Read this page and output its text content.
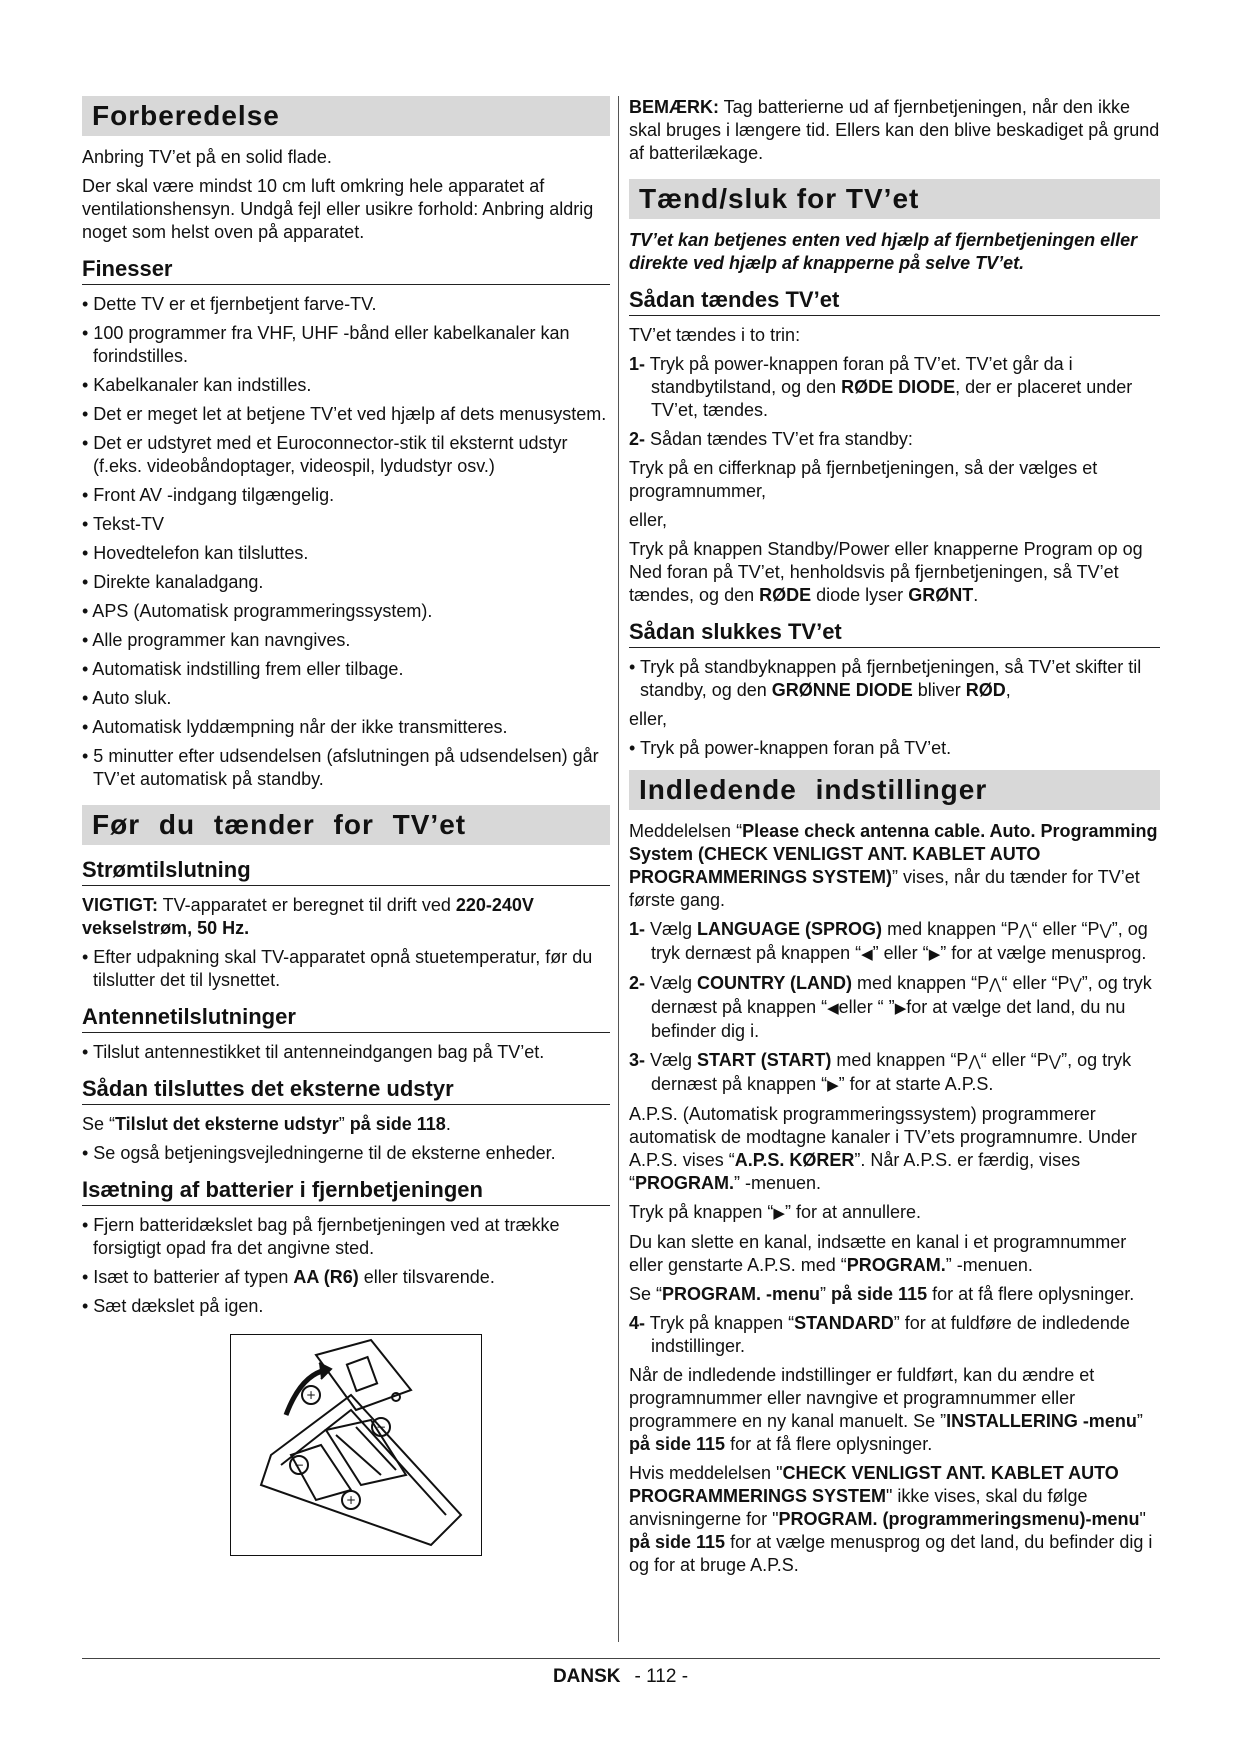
Forberedelse

Anbring TV’et på en solid flade.

Der skal være mindst 10 cm luft omkring hele apparatet af ventilationshensyn. Undgå fejl eller usikre forhold: Anbring aldrig noget som helst oven på apparatet.

Finesser

• Dette TV er et fjernbetjent farve-TV.

• 100 programmer fra VHF, UHF -bånd eller kabelkanaler kan forindstilles.

• Kabelkanaler kan indstilles.

• Det er meget let at betjene TV’et ved hjælp af dets menusystem.

• Det er udstyret med et Euroconnector-stik til eksternt udstyr (f.eks. videobåndoptager, videospil, lydudstyr osv.)

• Front AV -indgang tilgængelig.

• Tekst-TV

• Hovedtelefon kan tilsluttes.

• Direkte kanaladgang.

• APS (Automatisk programmeringssystem).

• Alle programmer kan navngives.

• Automatisk indstilling frem eller tilbage.

• Auto sluk.

• Automatisk lyddæmpning når der ikke transmitteres.

• 5 minutter efter udsendelsen (afslutningen på udsendelsen) går TV’et automatisk på standby.

Før du tænder for TV’et
Strømtilslutning

VIGTIGT: TV-apparatet er beregnet til drift ved 220-240V vekselstrøm, 50 Hz.

• Efter udpakning skal TV-apparatet opnå stuetemperatur, før du tilslutter det til lysnettet.

Antennetilslutninger

• Tilslut antennestikket til antenneindgangen bag på TV’et.

Sådan tilsluttes det eksterne udstyr

Se “Tilslut det eksterne udstyr” på side 118.

• Se også betjeningsvejledningerne til de eksterne enheder.

Isætning af batterier i fjernbetjeningen

• Fjern batteridækslet bag på fjernbetjeningen ved at trække forsigtigt opad fra det angivne sted.

• Isæt to batterier af typen AA (R6) eller tilsvarende.

• Sæt dækslet på igen.

+
−
−
+

BEMÆRK: Tag batterierne ud af fjernbetjeningen, når den ikke skal bruges i længere tid. Ellers kan den blive beskadiget på grund af batterilækage.

Tænd/sluk for TV’et

TV’et kan betjenes enten ved hjælp af fjernbetjeningen eller direkte ved hjælp af knapperne på selve TV’et.

Sådan tændes TV’et

TV’et tændes i to trin:

1- Tryk på power-knappen foran på TV’et. TV’et går da i standbytilstand, og den RØDE DIODE, der er placeret under TV’et, tændes.

2- Sådan tændes TV’et fra standby:

Tryk på en cifferknap på fjernbetjeningen, så der vælges et programnummer,

eller,

Tryk på knappen Standby/Power eller knapperne Program op og Ned foran på TV’et, henholdsvis på fjernbetjeningen, så TV’et tændes, og den RØDE diode lyser GRØNT.

Sådan slukkes TV’et

• Tryk på standbyknappen på fjernbetjeningen, så TV’et skifter til standby, og den GRØNNE DIODE bliver RØD,

eller,

• Tryk på power-knappen foran på TV’et.

Indledende indstillinger

Meddelelsen “Please check antenna cable. Auto. Programming System (CHECK VENLIGST ANT. KABLET AUTO PROGRAMMERINGS SYSTEM)” vises, når du tænder for TV’et første gang.

1- Vælg LANGUAGE (SPROG) med knappen “P⋀“ eller “P⋁”, og tryk dernæst på knappen “◀” eller “▶” for at vælge menusprog.

2- Vælg COUNTRY (LAND) med knappen “P⋀“ eller “P⋁”, og tryk dernæst på knappen “◀eller “ ”▶for at vælge det land, du nu befinder dig i.

3- Vælg START (START) med knappen “P⋀“ eller “P⋁”, og tryk dernæst på knappen “▶” for at starte A.P.S.

A.P.S. (Automatisk programmeringssystem) programmerer automatisk de modtagne kanaler i TV’ets programnumre. Under A.P.S. vises “A.P.S. KØRER”. Når A.P.S. er færdig, vises “PROGRAM.” -menuen.

Tryk på knappen “▶” for at annullere.

Du kan slette en kanal, indsætte en kanal i et programnummer eller genstarte A.P.S. med “PROGRAM.” -menuen.

Se “PROGRAM. -menu” på side 115 for at få flere oplysninger.

4- Tryk på knappen “STANDARD” for at fuldføre de indledende indstillinger.

Når de indledende indstillinger er fuldført, kan du ændre et programnummer eller navngive et programnummer eller programmere en ny kanal manuelt. Se ”INSTALLERING -menu” på side 115 for at få flere oplysninger.

Hvis meddelelsen "CHECK VENLIGST ANT. KABLET AUTO PROGRAMMERINGS SYSTEM" ikke vises, skal du følge anvisningerne for "PROGRAM. (programmeringsmenu)-menu" på side 115 for at vælge menusprog og det land, du befinder dig i og for at bruge A.P.S.

DANSK - 112 -
